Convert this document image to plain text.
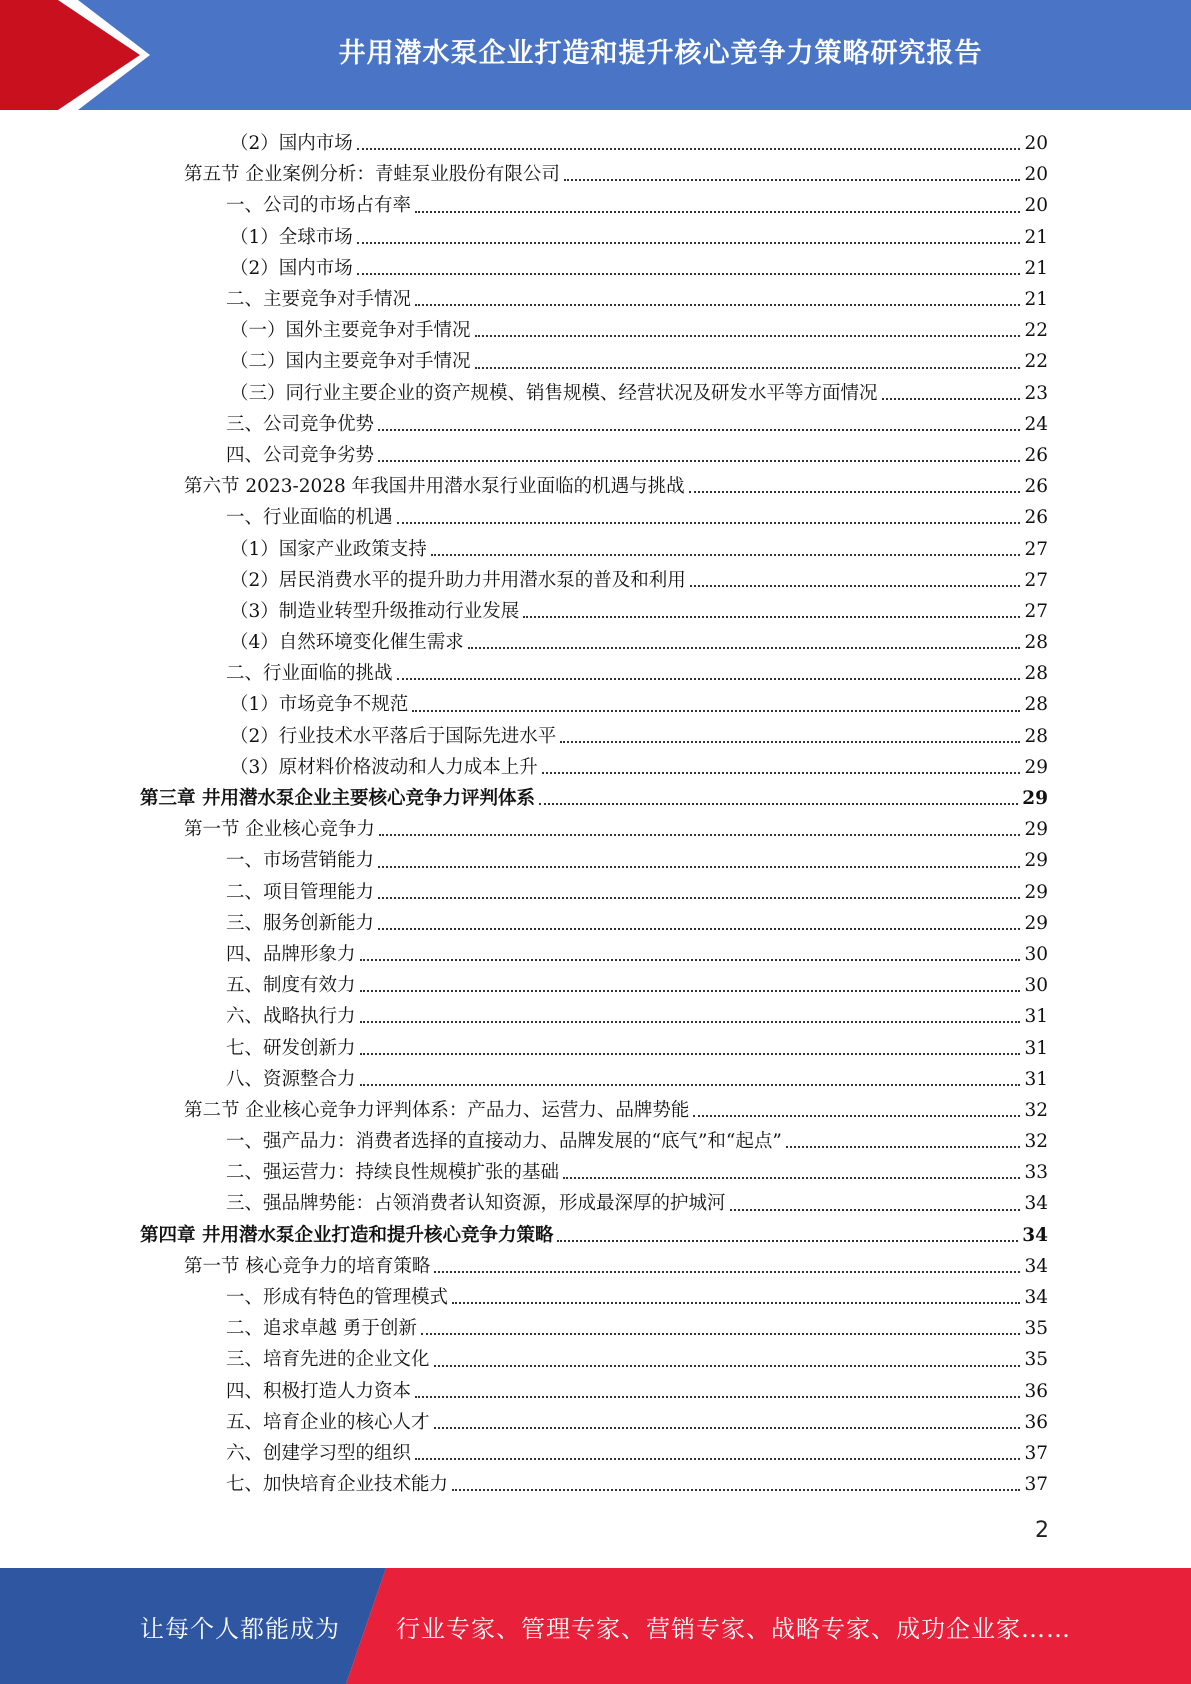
井用潜水泵企业打造和提升核心竞争力策略研究报告
（2）国内市场	20
第五节 企业案例分析：青蛙泵业股份有限公司	20
一、公司的市场占有率	20
（1）全球市场	21
（2）国内市场	21
二、主要竞争对手情况	21
（一）国外主要竞争对手情况	22
（二）国内主要竞争对手情况	22
（三）同行业主要企业的资产规模、销售规模、经营状况及研发水平等方面情况	23
三、公司竞争优势	24
四、公司竞争劣势	26
第六节 2023-2028 年我国井用潜水泵行业面临的机遇与挑战	26
一、行业面临的机遇	26
（1）国家产业政策支持	27
（2）居民消费水平的提升助力井用潜水泵的普及和利用	27
（3）制造业转型升级推动行业发展	27
（4）自然环境变化催生需求	28
二、行业面临的挑战	28
（1）市场竞争不规范	28
（2）行业技术水平落后于国际先进水平	28
（3）原材料价格波动和人力成本上升	29
第三章 井用潜水泵企业主要核心竞争力评判体系	29
第一节 企业核心竞争力	29
一、市场营销能力	29
二、项目管理能力	29
三、服务创新能力	29
四、品牌形象力	30
五、制度有效力	30
六、战略执行力	31
七、研发创新力	31
八、资源整合力	31
第二节 企业核心竞争力评判体系：产品力、运营力、品牌势能	32
一、强产品力：消费者选择的直接动力、品牌发展的“底气”和“起点”	32
二、强运营力：持续良性规模扩张的基础	33
三、强品牌势能：占领消费者认知资源，形成最深厚的护城河	34
第四章 井用潜水泵企业打造和提升核心竞争力策略	34
第一节 核心竞争力的培育策略	34
一、形成有特色的管理模式	34
二、追求卓越 勇于创新	35
三、培育先进的企业文化	35
四、积极打造人力资本	36
五、培育企业的核心人才	36
六、创建学习型的组织	37
七、加快培育企业技术能力	37
2
让每个人都能成为 行业专家、管理专家、营销专家、战略专家、成功企业家……
